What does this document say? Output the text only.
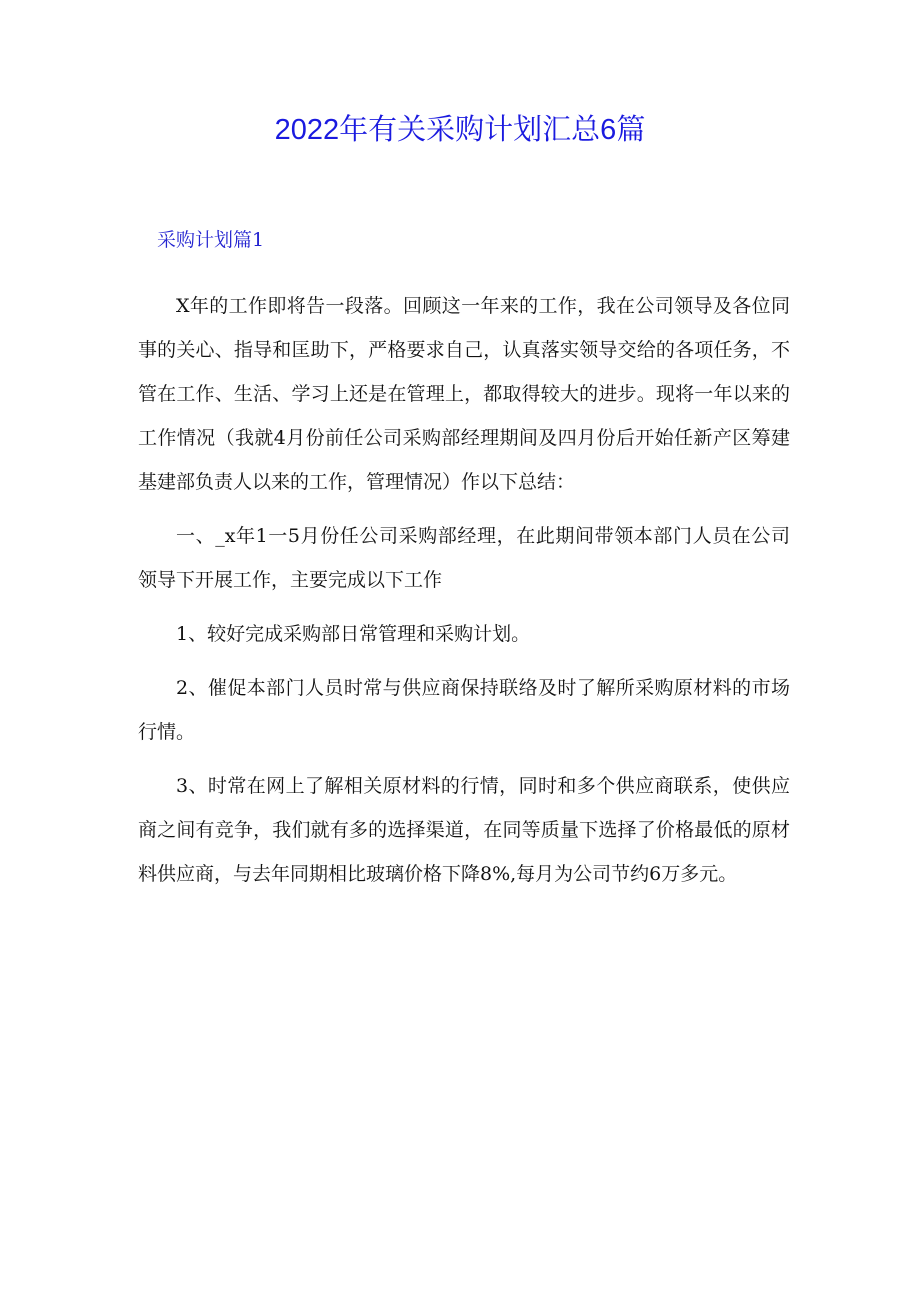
2022年有关采购计划汇总6篇
采购计划篇1

X年的工作即将告一段落。回顾这一年来的工作，我在公司领导及各位同事的关心、指导和匡助下，严格要求自己，认真落实领导交给的各项任务，不管在工作、生活、学习上还是在管理上，都取得较大的进步。现将一年以来的工作情况（我就4月份前任公司采购部经理期间及四月份后开始任新产区筹建基建部负责人以来的工作，管理情况）作以下总结：

一、_x年1一5月份任公司采购部经理，在此期间带领本部门人员在公司领导下开展工作，主要完成以下工作

1、较好完成采购部日常管理和采购计划。

2、催促本部门人员时常与供应商保持联络及时了解所采购原材料的市场行情。

3、时常在网上了解相关原材料的行情，同时和多个供应商联系，使供应商之间有竞争，我们就有多的选择渠道，在同等质量下选择了价格最低的原材料供应商，与去年同期相比玻璃价格下降8%,每月为公司节约6万多元。
